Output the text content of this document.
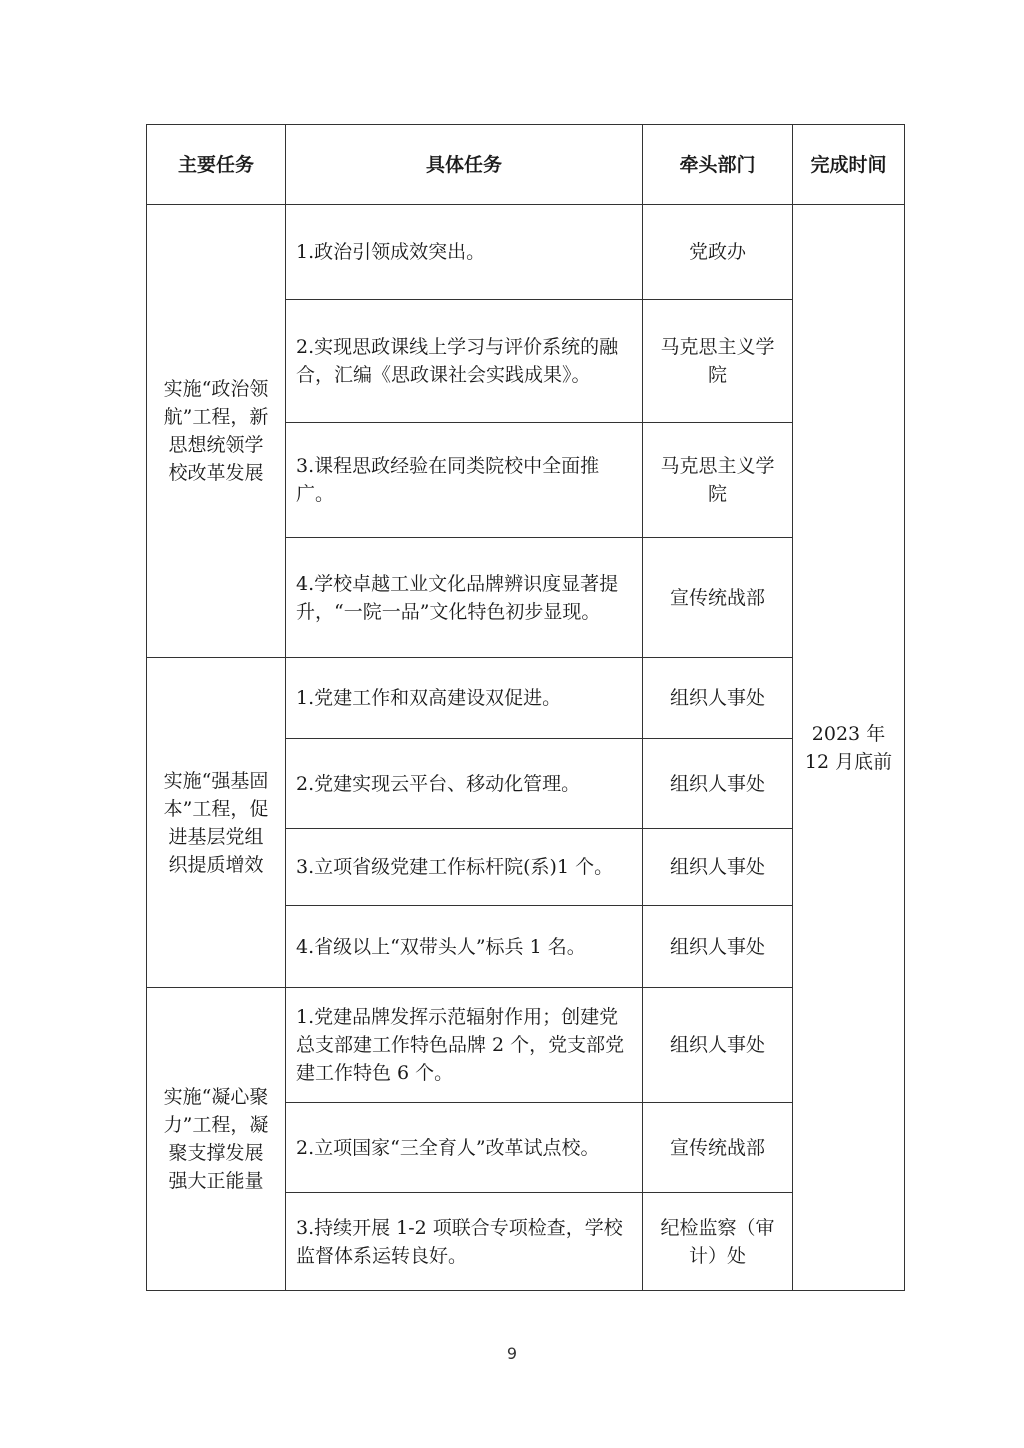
主要任务	具体任务	牵头部门	完成时间
实施“政治领航”工程，新思想统领学校改革发展	1.政治引领成效突出。	党政办	2023 年 12 月底前
	2.实现思政课线上学习与评价系统的融合，汇编《思政课社会实践成果》。	马克思主义学院	
	3.课程思政经验在同类院校中全面推广。	马克思主义学院	
	4.学校卓越工业文化品牌辨识度显著提升，“一院一品”文化特色初步显现。	宣传统战部	
实施“强基固本”工程，促进基层党组织提质增效	1.党建工作和双高建设双促进。	组织人事处	
	2.党建实现云平台、移动化管理。	组织人事处	
	3.立项省级党建工作标杆院(系)1 个。	组织人事处	
	4.省级以上“双带头人”标兵 1 名。	组织人事处	
实施“凝心聚力”工程，凝聚支撑发展强大正能量	1.党建品牌发挥示范辐射作用；创建党总支部建工作特色品牌 2 个，党支部党建工作特色 6 个。	组织人事处	
	2.立项国家“三全育人”改革试点校。	宣传统战部	
	3.持续开展 1-2 项联合专项检查，学校监督体系运转良好。	纪检监察（审计）处	
9
